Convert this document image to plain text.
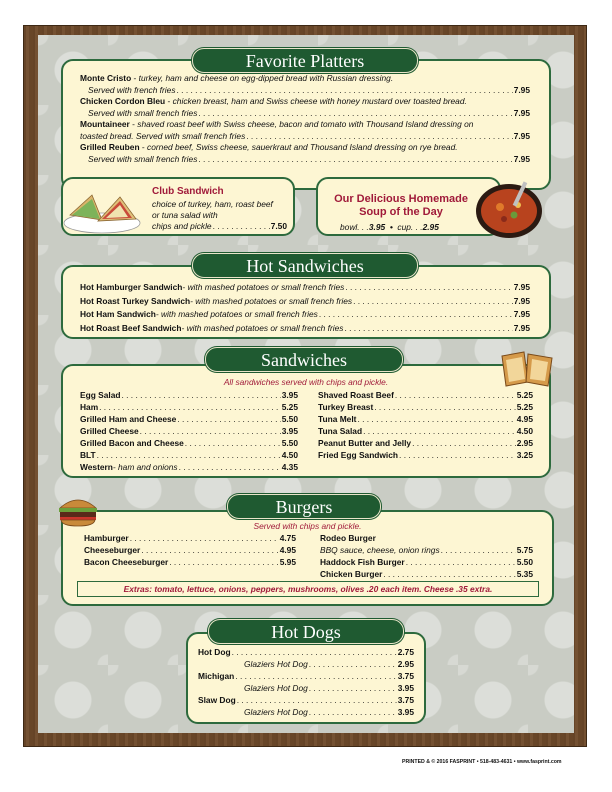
Favorite Platters
Monte Cristo - turkey, ham and cheese on egg-dipped bread with Russian dressing.
Served with french fries . . .	7.95
Chicken Cordon Bleu - chicken breast, ham and Swiss cheese with honey mustard over toasted bread.
Served with small french fries . . .	7.95
Mountaineer - shaved roast beef with Swiss cheese, bacon and tomato with Thousand Island dressing on
toasted bread. Served with small french fries . . .	7.95
Grilled Reuben - corned beef, Swiss cheese, sauerkraut and Thousand Island dressing on rye bread.
Served with small french fries . . .	7.95
Club Sandwich
choice of turkey, ham, roast beef
or tuna salad with
chips and pickle . . .	7.50
Our Delicious Homemade
Soup of the Day
bowl. . .3.95 • cup. . .2.95
Hot Sandwiches
Hot Hamburger Sandwich - with mashed potatoes or small french fries . . .	7.95
Hot Roast Turkey Sandwich - with mashed potatoes or small french fries . . .	7.95
Hot Ham Sandwich - with mashed potatoes or small french fries . . .	7.95
Hot Roast Beef Sandwich - with mashed potatoes or small french fries . . .	7.95
Sandwiches
All sandwiches served with chips and pickle.
Egg Salad . . .	3.95
Ham . . .	5.25
Grilled Ham and Cheese . . .	5.50
Grilled Cheese . . .	3.95
Grilled Bacon and Cheese . . .	5.50
BLT . . .	4.50
Western - ham and onions . . .	4.35
Shaved Roast Beef . . .	5.25
Turkey Breast . . .	5.25
Tuna Melt . . .	4.95
Tuna Salad . . .	4.50
Peanut Butter and Jelly . . .	2.95
Fried Egg Sandwich . . .	3.25
Burgers
Served with chips and pickle.
Hamburger . . .	4.75
Cheeseburger . . .	4.95
Bacon Cheeseburger . . .	5.95
Rodeo Burger
BBQ sauce, cheese, onion rings . . .	5.75
Haddock Fish Burger . . .	5.50
Chicken Burger . . .	5.35
Extras: tomato, lettuce, onions, peppers, mushrooms, olives .20 each item. Cheese .35 extra.
Hot Dogs
Hot Dog . . .	2.75
Glaziers Hot Dog . . .	2.95
Michigan . . .	3.75
Glaziers Hot Dog . . .	3.95
Slaw Dog . . .	3.75
Glaziers Hot Dog . . .	3.95
PRINTED & © 2016 FASPRINT • 518-483-4631 • www.fasprint.com
